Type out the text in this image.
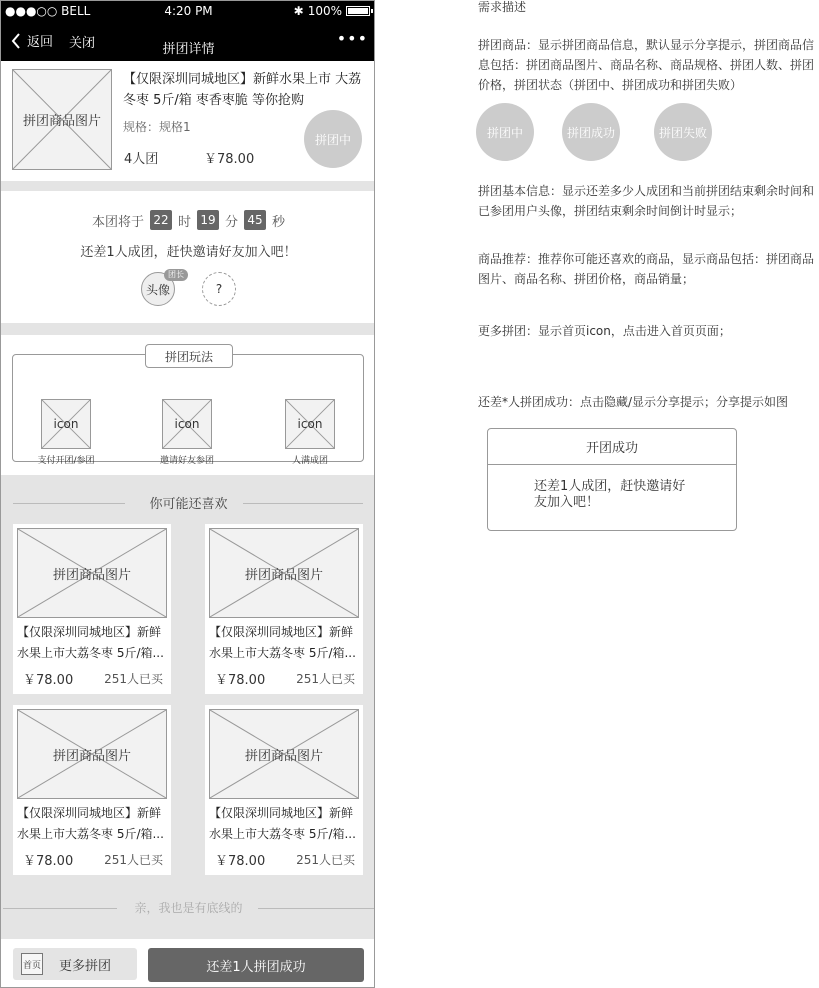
●●●○○ BELL	4:20 PM	✱ 100%
返回 关闭	拼团详情
•••
拼团商品图片
【仅限深圳同城地区】新鲜水果上市 大荔冬枣 5斤/箱 枣香枣脆 等你抢购
规格：规格1
4人团	￥78.00
拼团中
本团将于 22 时 19 分 45 秒
还差1人成团，赶快邀请好友加入吧！
头像
团长
?
icon
支付开团/参团
icon
邀请好友参团
icon
人满成团
拼团玩法
你可能还喜欢
拼团商品图片
【仅限深圳同城地区】新鲜
水果上市大荔冬枣 5斤/箱...
￥78.00	251人已买
拼团商品图片
【仅限深圳同城地区】新鲜
水果上市大荔冬枣 5斤/箱...
￥78.00	251人已买
拼团商品图片
【仅限深圳同城地区】新鲜
水果上市大荔冬枣 5斤/箱...
￥78.00	251人已买
拼团商品图片
【仅限深圳同城地区】新鲜
水果上市大荔冬枣 5斤/箱...
￥78.00	251人已买
亲，我也是有底线的
首页 更多拼团	还差1人拼团成功
需求描述
拼团商品：显示拼团商品信息，默认显示分享提示，拼团商品信息包括：拼团商品图片、商品名称、商品规格、拼团人数、拼团价格，拼团状态（拼团中、拼团成功和拼团失败）
拼团中	拼团成功	拼团失败
拼团基本信息：显示还差多少人成团和当前拼团结束剩余时间和已参团用户头像，拼团结束剩余时间倒计时显示；
商品推荐：推荐你可能还喜欢的商品，显示商品包括：拼团商品图片、商品名称、拼团价格，商品销量；
更多拼团：显示首页icon，点击进入首页页面；
还差*人拼团成功：点击隐藏/显示分享提示；分享提示如图
开团成功
还差1人成团，赶快邀请好友加入吧！
